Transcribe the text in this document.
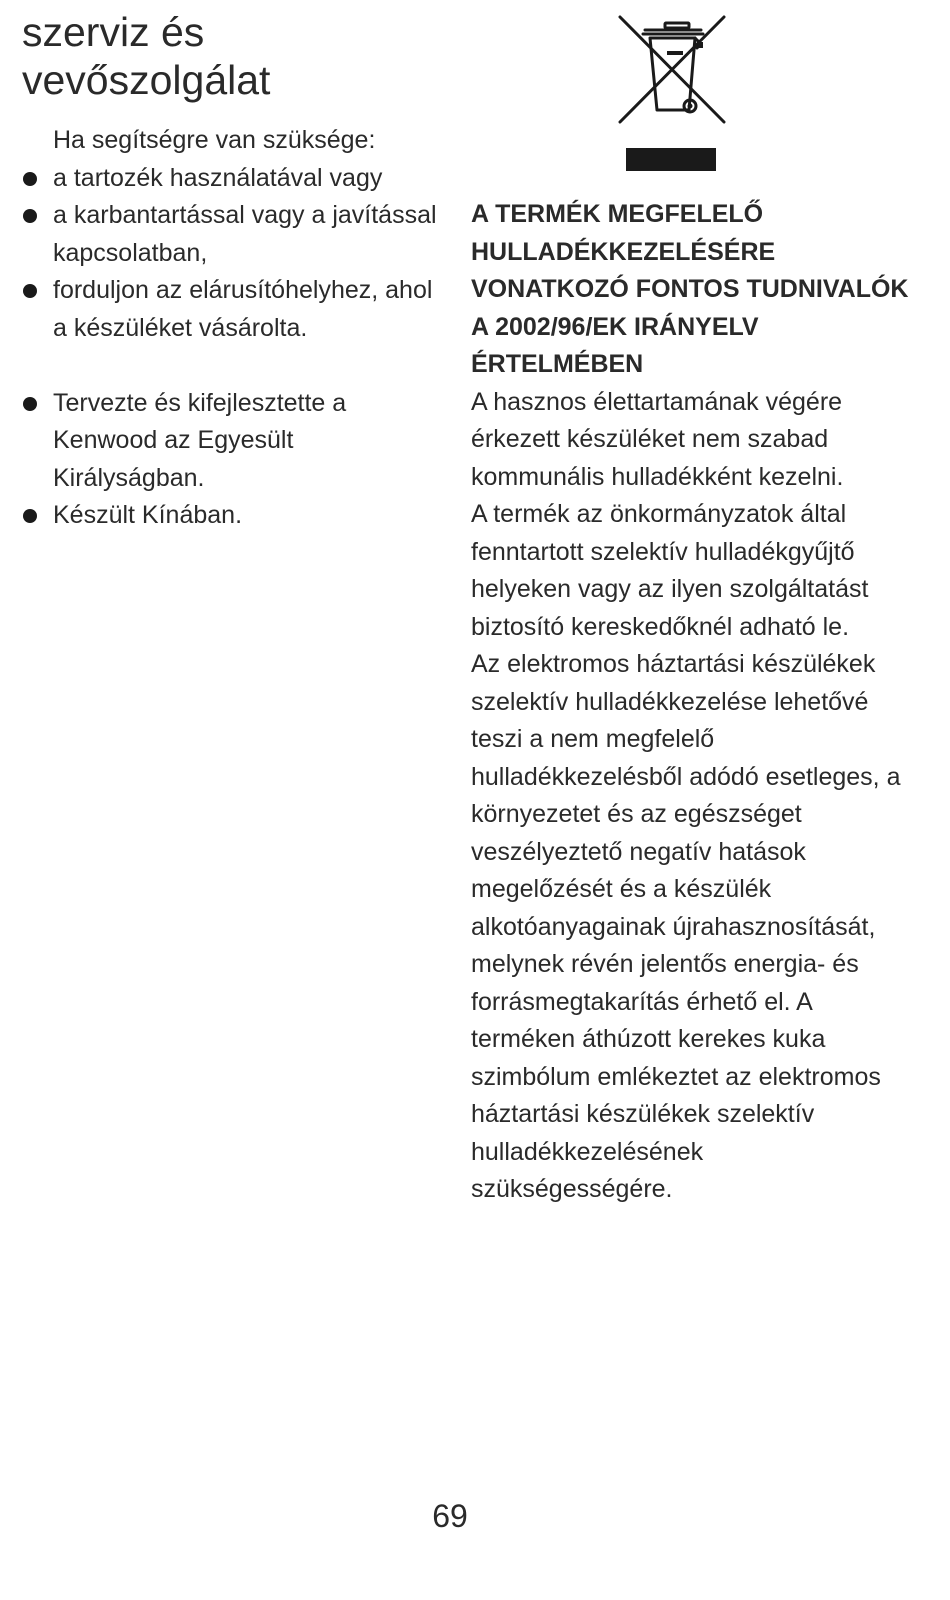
szerviz és
vevőszolgálat

Ha segítségre van szüksége:

a tartozék használatával vagy
a karbantartással vagy a javítással kapcsolatban,
forduljon az elárusítóhelyhez, ahol a készüléket vásárolta.
Tervezte és kifejlesztette a Kenwood az Egyesült Királyságban.
Készült Kínában.
A TERMÉK MEGFELELŐ HULLADÉKKEZELÉSÉRE VONATKOZÓ FONTOS TUDNIVALÓK A 2002/96/EK IRÁNYELV ÉRTELMÉBEN

A hasznos élettartamának végére érkezett készüléket nem szabad kommunális hulladékként kezelni.

A termék az önkormányzatok által fenntartott szelektív hulladékgyűjtő helyeken vagy az ilyen szolgáltatást biztosító kereskedőknél adható le.

Az elektromos háztartási készülékek szelektív hulladékkezelése lehetővé teszi a nem megfelelő hulladékkezelésből adódó esetleges, a környezetet és az egészséget veszélyeztető negatív hatások megelőzését és a készülék alkotóanyagainak újrahasznosítását, melynek révén jelentős energia- és forrásmegtakarítás érhető el. A terméken áthúzott kerekes kuka szimbólum emlékeztet az elektromos háztartási készülékek szelektív hulladékkezelésének szükségességére.

69
